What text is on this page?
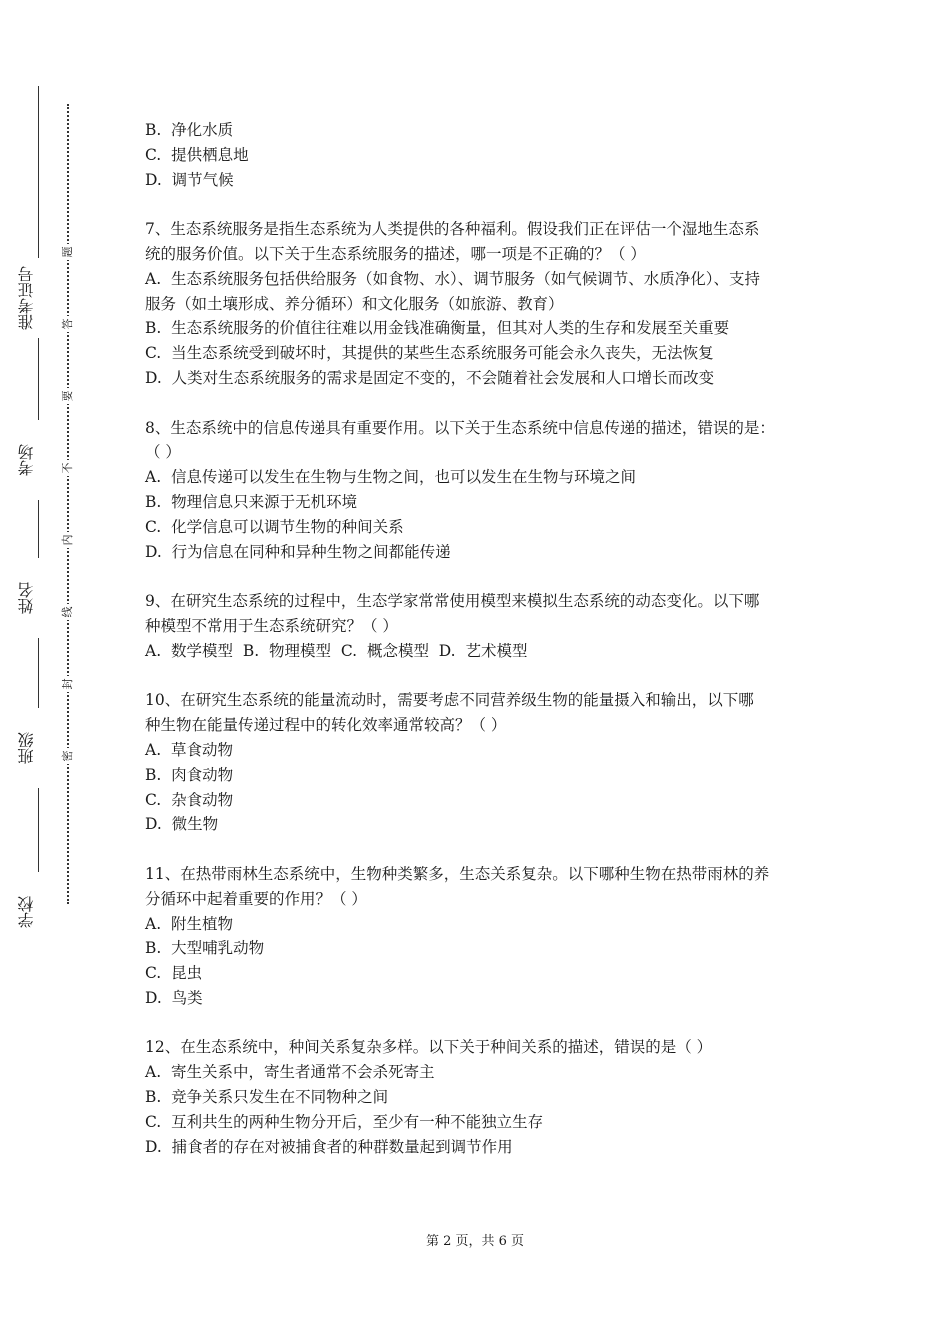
学校
班级
姓名
考场
准考证号
题
答
要
不
内
线
封
密
B.  净化水质
C.  提供栖息地
D.  调节气候
7、生态系统服务是指生态系统为人类提供的各种福利。假设我们正在评估一个湿地生态系
统的服务价值。以下关于生态系统服务的描述，哪一项是不正确的？（ ）
A.  生态系统服务包括供给服务（如食物、水）、调节服务（如气候调节、水质净化）、支持
服务（如土壤形成、养分循环）和文化服务（如旅游、教育）
B.  生态系统服务的价值往往难以用金钱准确衡量，但其对人类的生存和发展至关重要
C.  当生态系统受到破坏时，其提供的某些生态系统服务可能会永久丧失，无法恢复
D.  人类对生态系统服务的需求是固定不变的，不会随着社会发展和人口增长而改变
8、生态系统中的信息传递具有重要作用。以下关于生态系统中信息传递的描述，错误的是：
（ ）
A.  信息传递可以发生在生物与生物之间，也可以发生在生物与环境之间
B.  物理信息只来源于无机环境
C.  化学信息可以调节生物的种间关系
D.  行为信息在同种和异种生物之间都能传递
9、在研究生态系统的过程中，生态学家常常使用模型来模拟生态系统的动态变化。以下哪
种模型不常用于生态系统研究？（ ）
A.  数学模型  B.  物理模型  C.  概念模型  D.  艺术模型
10、在研究生态系统的能量流动时，需要考虑不同营养级生物的能量摄入和输出，以下哪
种生物在能量传递过程中的转化效率通常较高？（ ）
A.  草食动物
B.  肉食动物
C.  杂食动物
D.  微生物
11、在热带雨林生态系统中，生物种类繁多，生态关系复杂。以下哪种生物在热带雨林的养
分循环中起着重要的作用？（ ）
A.  附生植物
B.  大型哺乳动物
C.  昆虫
D.  鸟类
12、在生态系统中，种间关系复杂多样。以下关于种间关系的描述，错误的是（ ）
A.  寄生关系中，寄生者通常不会杀死寄主
B.  竞争关系只发生在不同物种之间
C.  互利共生的两种生物分开后，至少有一种不能独立生存
D.  捕食者的存在对被捕食者的种群数量起到调节作用
第 2 页，共 6 页
